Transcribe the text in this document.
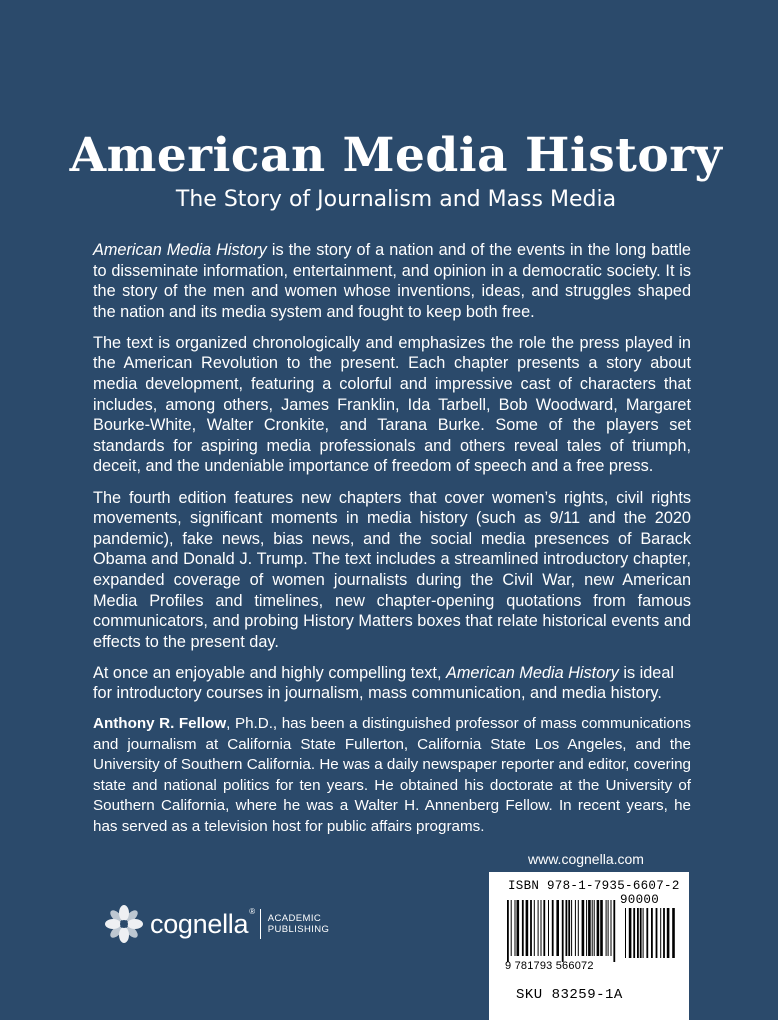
American Media History
The Story of Journalism and Mass Media

American Media History is the story of a nation and of the events in the long battle to disseminate information, entertainment, and opinion in a democratic society. It is the story of the men and women whose inventions, ideas, and struggles shaped the nation and its media system and fought to keep both free.

The text is organized chronologically and emphasizes the role the press played in the American Revolution to the present. Each chapter presents a story about media development, featuring a colorful and impressive cast of characters that includes, among others, James Franklin, Ida Tarbell, Bob Woodward, Margaret Bourke-White, Walter Cronkite, and Tarana Burke. Some of the players set standards for aspiring media professionals and others reveal tales of triumph, deceit, and the undeniable importance of freedom of speech and a free press.

The fourth edition features new chapters that cover women’s rights, civil rights movements, significant moments in media history (such as 9/11 and the 2020 pandemic), fake news, bias news, and the social media presences of Barack Obama and Donald J. Trump. The text includes a streamlined introductory chapter, expanded coverage of women journalists during the Civil War, new American Media Profiles and timelines, new chapter-opening quotations from famous communicators, and probing History Matters boxes that relate historical events and effects to the present day.

At once an enjoyable and highly compelling text, American Media History is ideal for introductory courses in journalism, mass communication, and media history.

Anthony R. Fellow, Ph.D., has been a distinguished professor of mass communications and journalism at California State Fullerton, California State Los Angeles, and the University of Southern California. He was a daily newspaper reporter and editor, covering state and national politics for ten years. He obtained his doctorate at the University of Southern California, where he was a Walter H. Annenberg Fellow. In recent years, he has served as a television host for public affairs programs.

www.cognella.com
cognella®
ACADEMIC
PUBLISHING
ISBN 978-1-7935-6607-2
90000
9 781793 566072
SKU 83259-1A
